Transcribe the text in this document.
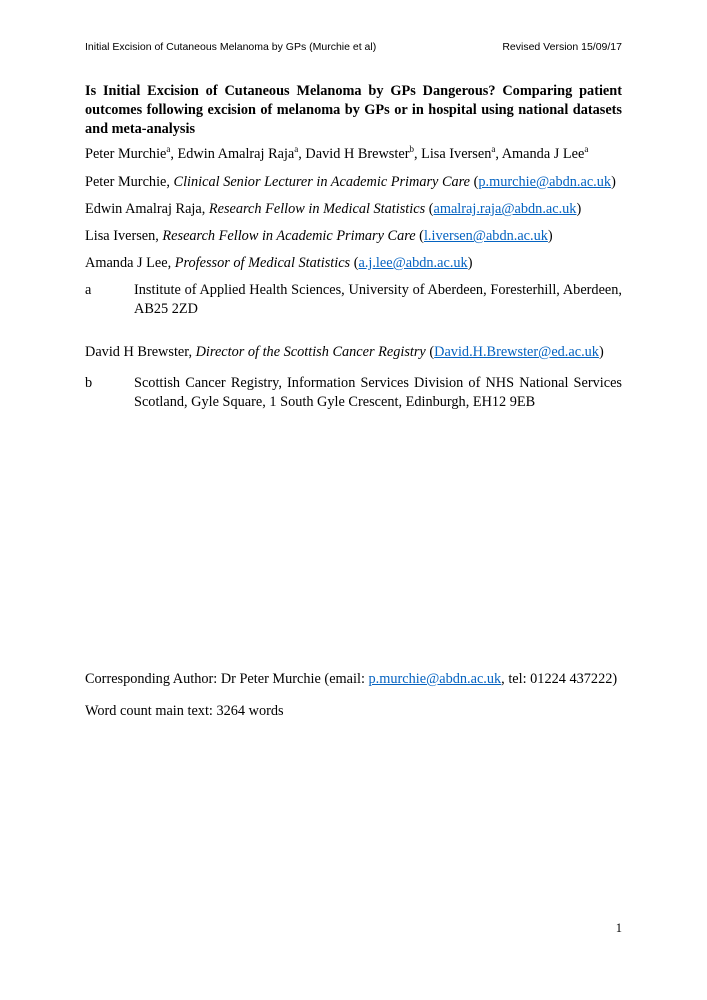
Initial Excision of Cutaneous Melanoma by GPs (Murchie et al)	Revised Version 15/09/17

Is Initial Excision of Cutaneous Melanoma by GPs Dangerous? Comparing patient outcomes following excision of melanoma by GPs or in hospital using national datasets and meta-analysis

Peter Murchie$^a$, Edwin Amalraj Raja$^a$, David H Brewster$^b$, Lisa Iversen$^a$, Amanda J Lee$^a$

Peter Murchie, Clinical Senior Lecturer in Academic Primary Care (p.murchie@abdn.ac.uk)

Edwin Amalraj Raja, Research Fellow in Medical Statistics (amalraj.raja@abdn.ac.uk)

Lisa Iversen, Research Fellow in Academic Primary Care (l.iversen@abdn.ac.uk)

Amanda J Lee, Professor of Medical Statistics (a.j.lee@abdn.ac.uk)

a	Institute of Applied Health Sciences, University of Aberdeen, Foresterhill, Aberdeen, AB25 2ZD

David H Brewster, Director of the Scottish Cancer Registry (David.H.Brewster@ed.ac.uk)

b	Scottish Cancer Registry, Information Services Division of NHS National Services Scotland, Gyle Square, 1 South Gyle Crescent, Edinburgh, EH12 9EB

Corresponding Author: Dr Peter Murchie (email: p.murchie@abdn.ac.uk, tel: 01224 437222)

Word count main text: 3264 words

1
